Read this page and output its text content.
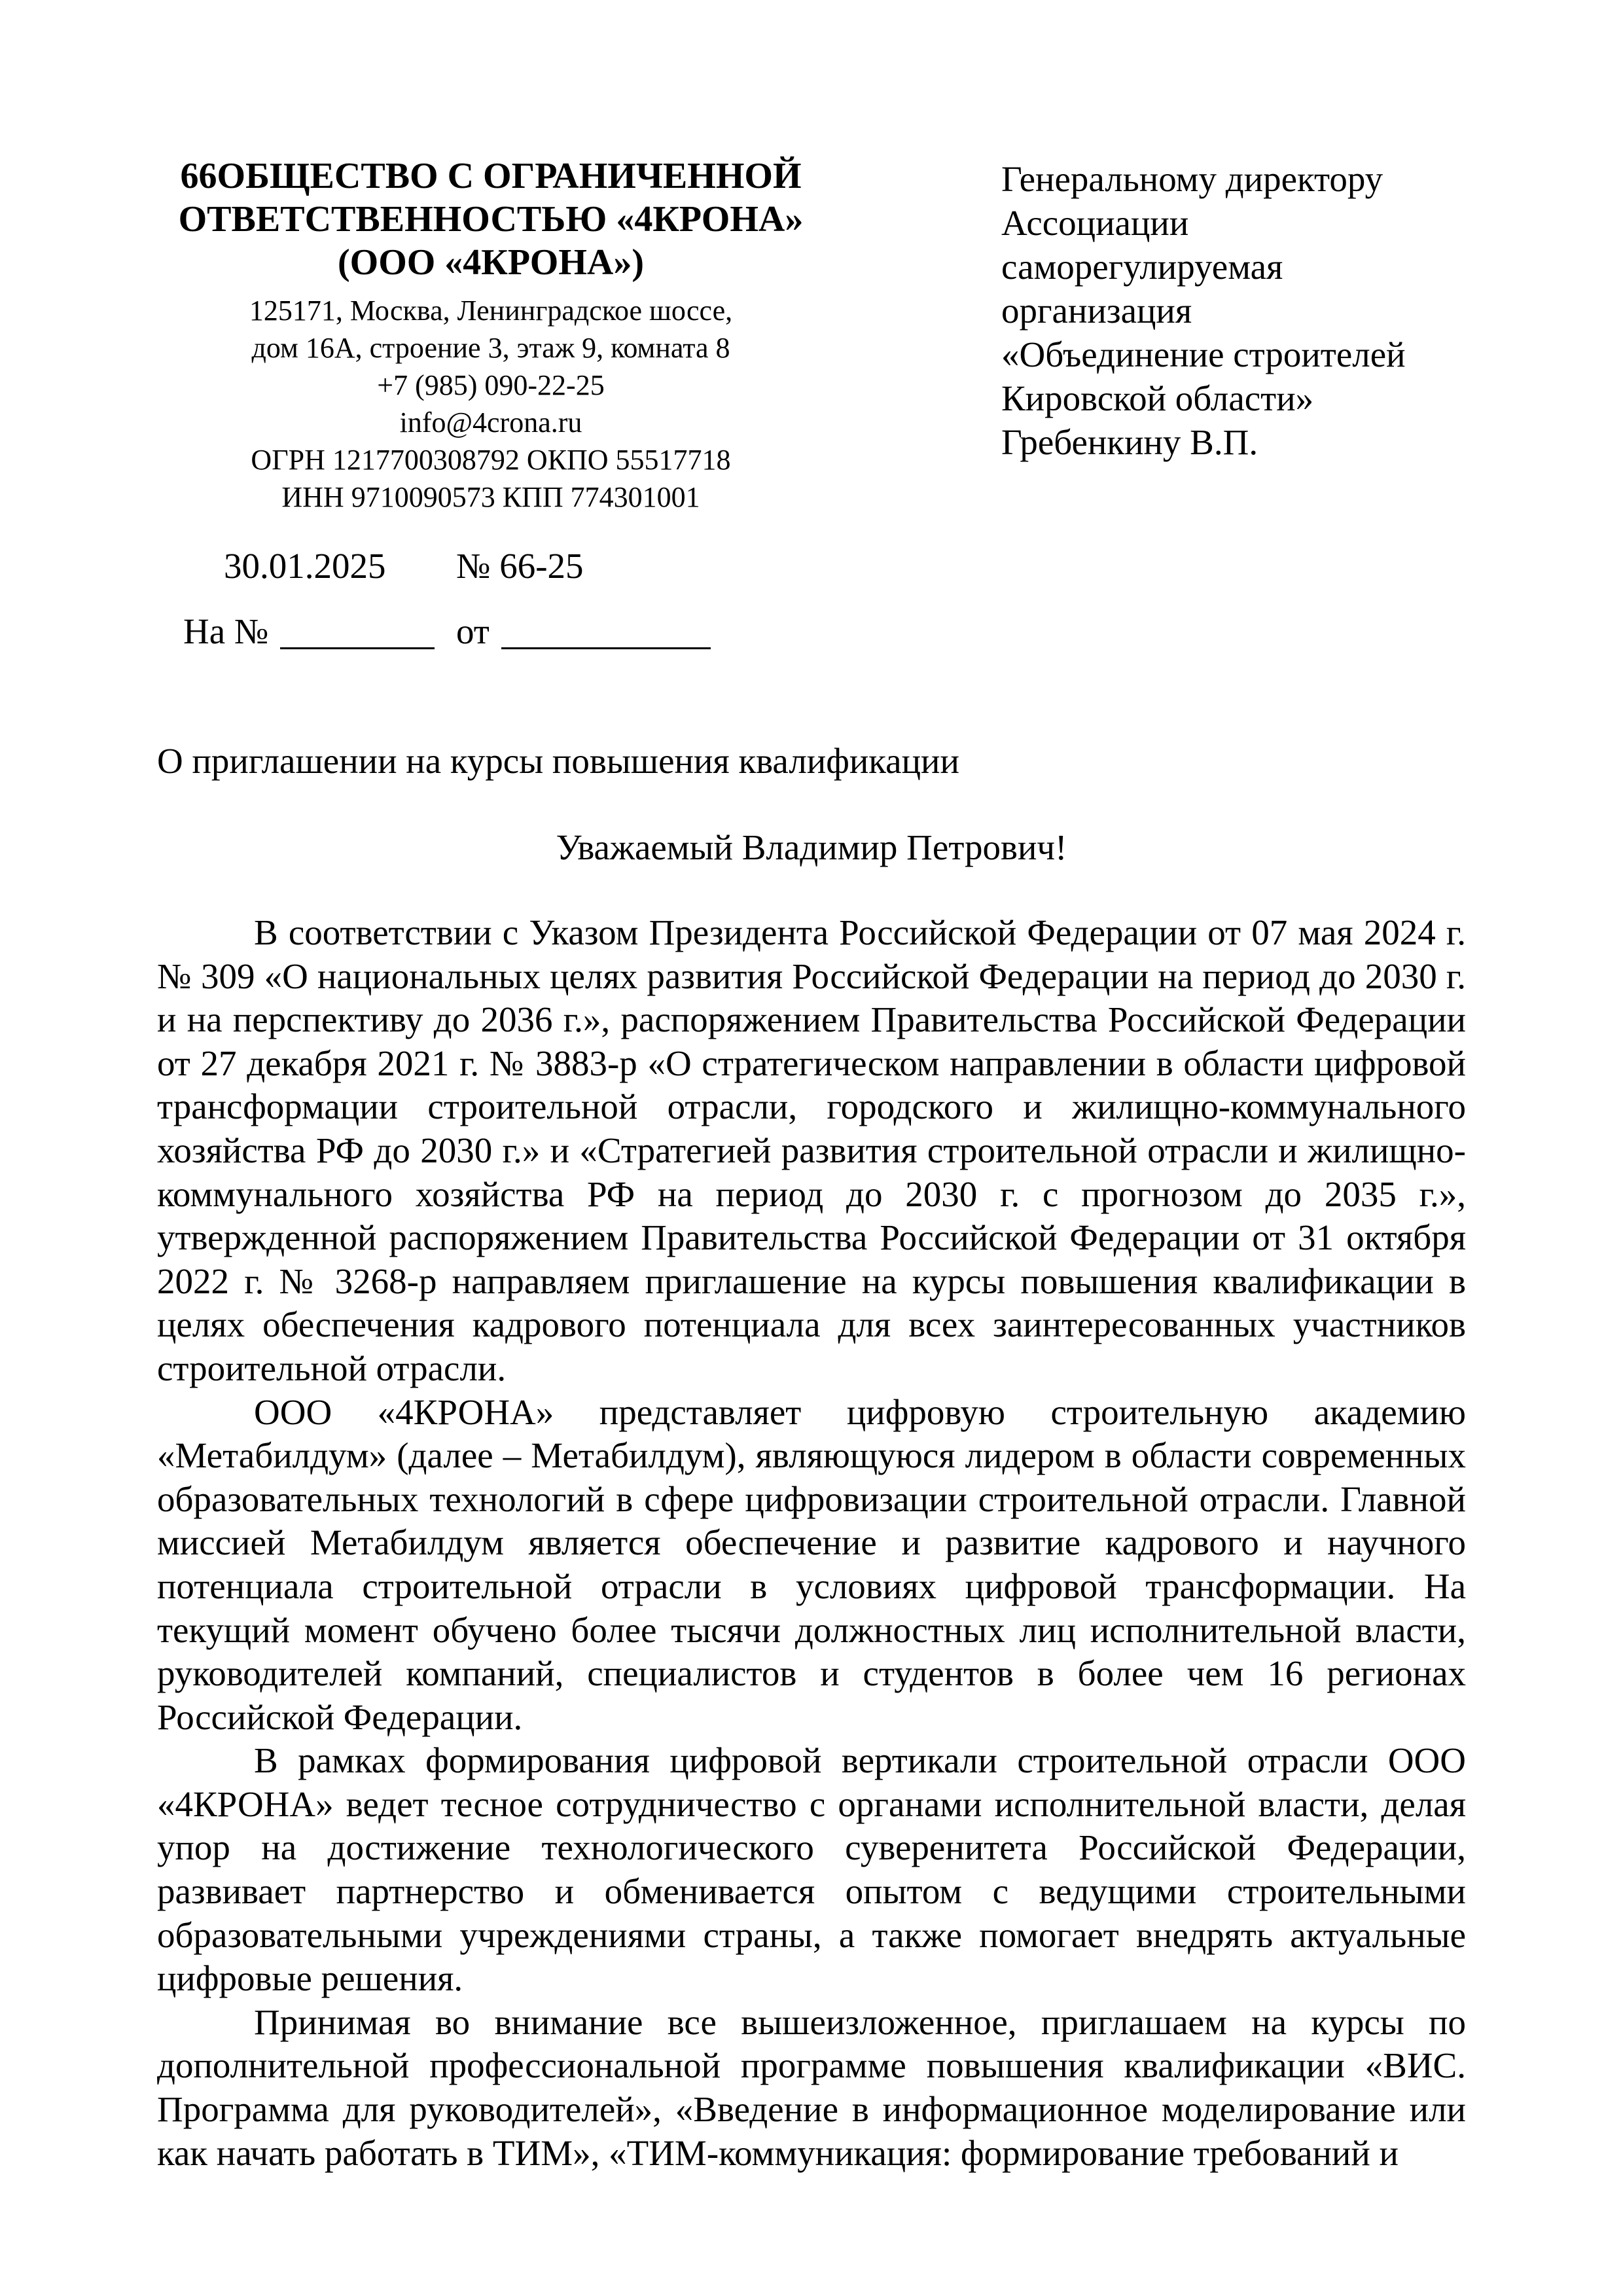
66ОБЩЕСТВО С ОГРАНИЧЕННОЙ
ОТВЕТСТВЕННОСТЬЮ «4КРОНА»
(ООО «4КРОНА»)
125171, Москва, Ленинградское шоссе,
дом 16А, строение 3, этаж 9, комната 8
+7 (985) 090-22-25
info@4crona.ru
ОГРН 1217700308792 ОКПО 55517718
ИНН 9710090573 КПП 774301001
Генеральному директору
Ассоциации
саморегулируемая
организация
«Объединение строителей
Кировской области»
Гребенкину В.П.
30.01.2025 № 66-25
На №	от
О приглашении на курсы повышения квалификации
Уважаемый Владимир Петрович!

В соответствии с Указом Президента Российской Федерации от 07 мая 2024 г. № 309 «О национальных целях развития Российской Федерации на период до 2030 г. и на перспективу до 2036 г.», распоряжением Правительства Российской Федерации от 27 декабря 2021 г. № 3883-р «О стратегическом направлении в области цифровой трансформации строительной отрасли, городского и жилищно-коммунального хозяйства РФ до 2030 г.» и «Стратегией развития строительной отрасли и жилищно-коммунального хозяйства РФ на период до 2030 г. с прогнозом до 2035 г.», утвержденной распоряжением Правительства Российской Федерации от 31 октября 2022 г. № 3268-р направляем приглашение на курсы повышения квалификации в целях обеспечения кадрового потенциала для всех заинтересованных участников строительной отрасли.

ООО «4КРОНА» представляет цифровую строительную академию «Метабилдум» (далее – Метабилдум), являющуюся лидером в области современных образовательных технологий в сфере цифровизации строительной отрасли. Главной миссией Метабилдум является обеспечение и развитие кадрового и научного потенциала строительной отрасли в условиях цифровой трансформации. На текущий момент обучено более тысячи должностных лиц исполнительной власти, руководителей компаний, специалистов и студентов в более чем 16 регионах Российской Федерации.

В рамках формирования цифровой вертикали строительной отрасли ООО «4КРОНА» ведет тесное сотрудничество с органами исполнительной власти, делая упор на достижение технологического суверенитета Российской Федерации, развивает партнерство и обменивается опытом с ведущими строительными образовательными учреждениями страны, а также помогает внедрять актуальные цифровые решения.

Принимая во внимание все вышеизложенное, приглашаем на курсы по дополнительной профессиональной программе повышения квалификации «ВИС. Программа для руководителей», «Введение в информационное моделирование или как начать работать в ТИМ», «ТИМ-коммуникация: формирование требований и
